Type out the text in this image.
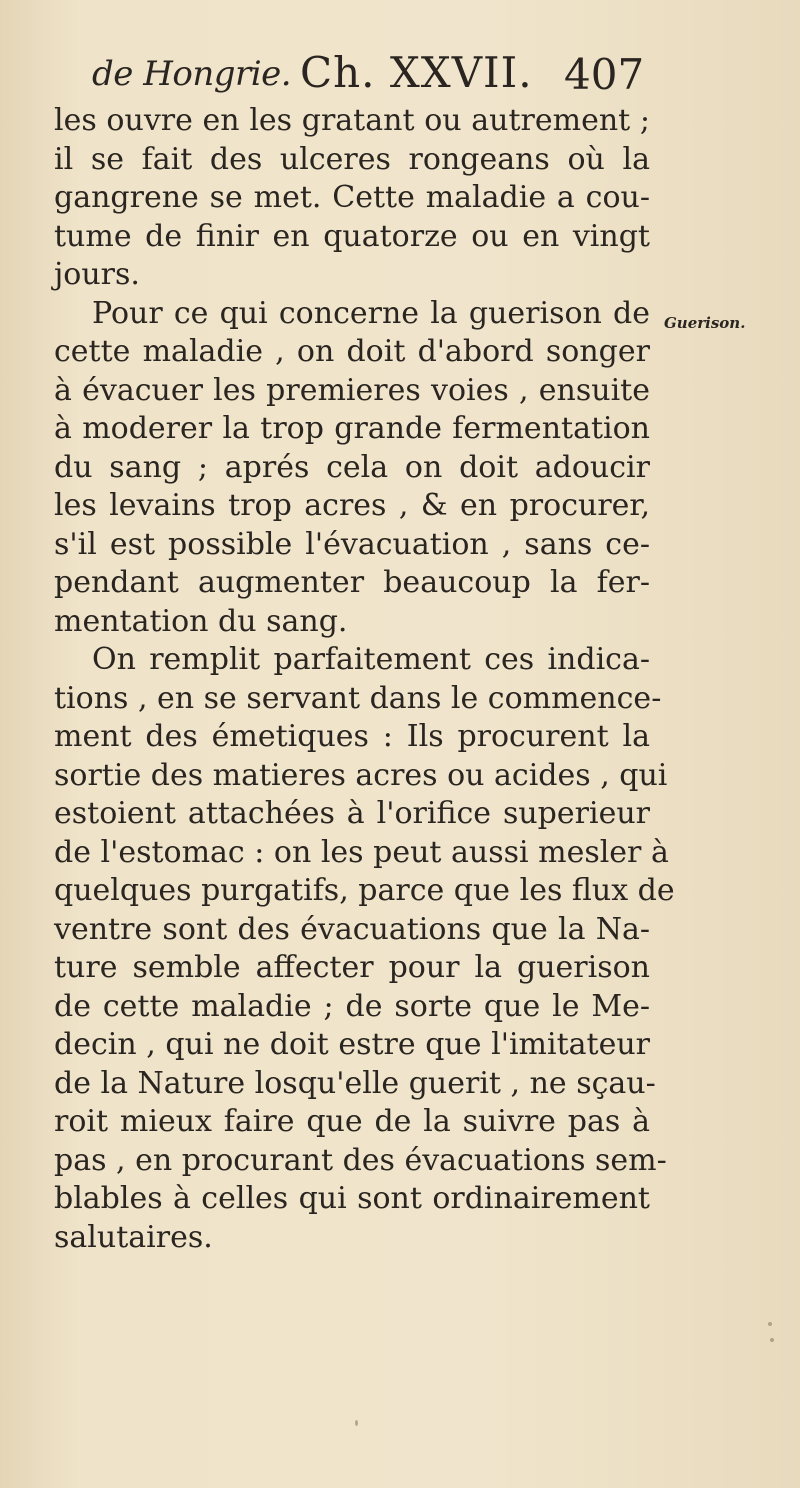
de Hongrie. Ch. XXVII. 407
les ouvre en les gratant ou autrement ;
il se fait des ulceres rongeans où la
gangrene se met. Cette maladie a cou-
tume de finir en quatorze ou en vingt
jours.
Pour ce qui concerne la guerison de
cette maladie , on doit d'abord songer
à évacuer les premieres voies , ensuite
à moderer la trop grande fermentation
du sang ; aprés cela on doit adoucir
les levains trop acres , & en procurer,
s'il est possible l'évacuation , sans ce-
pendant augmenter beaucoup la fer-
mentation du sang.
On remplit parfaitement ces indica-
tions , en se servant dans le commence-
ment des émetiques : Ils procurent la
sortie des matieres acres ou acides , qui
estoient attachées à l'orifice superieur
de l'estomac : on les peut aussi mesler à
quelques purgatifs, parce que les flux de
ventre sont des évacuations que la Na-
ture semble affecter pour la guerison
de cette maladie ; de sorte que le Me-
decin , qui ne doit estre que l'imitateur
de la Nature losqu'elle guerit , ne sçau-
roit mieux faire que de la suivre pas à
pas , en procurant des évacuations sem-
blables à celles qui sont ordinairement
salutaires.
Guerison.
